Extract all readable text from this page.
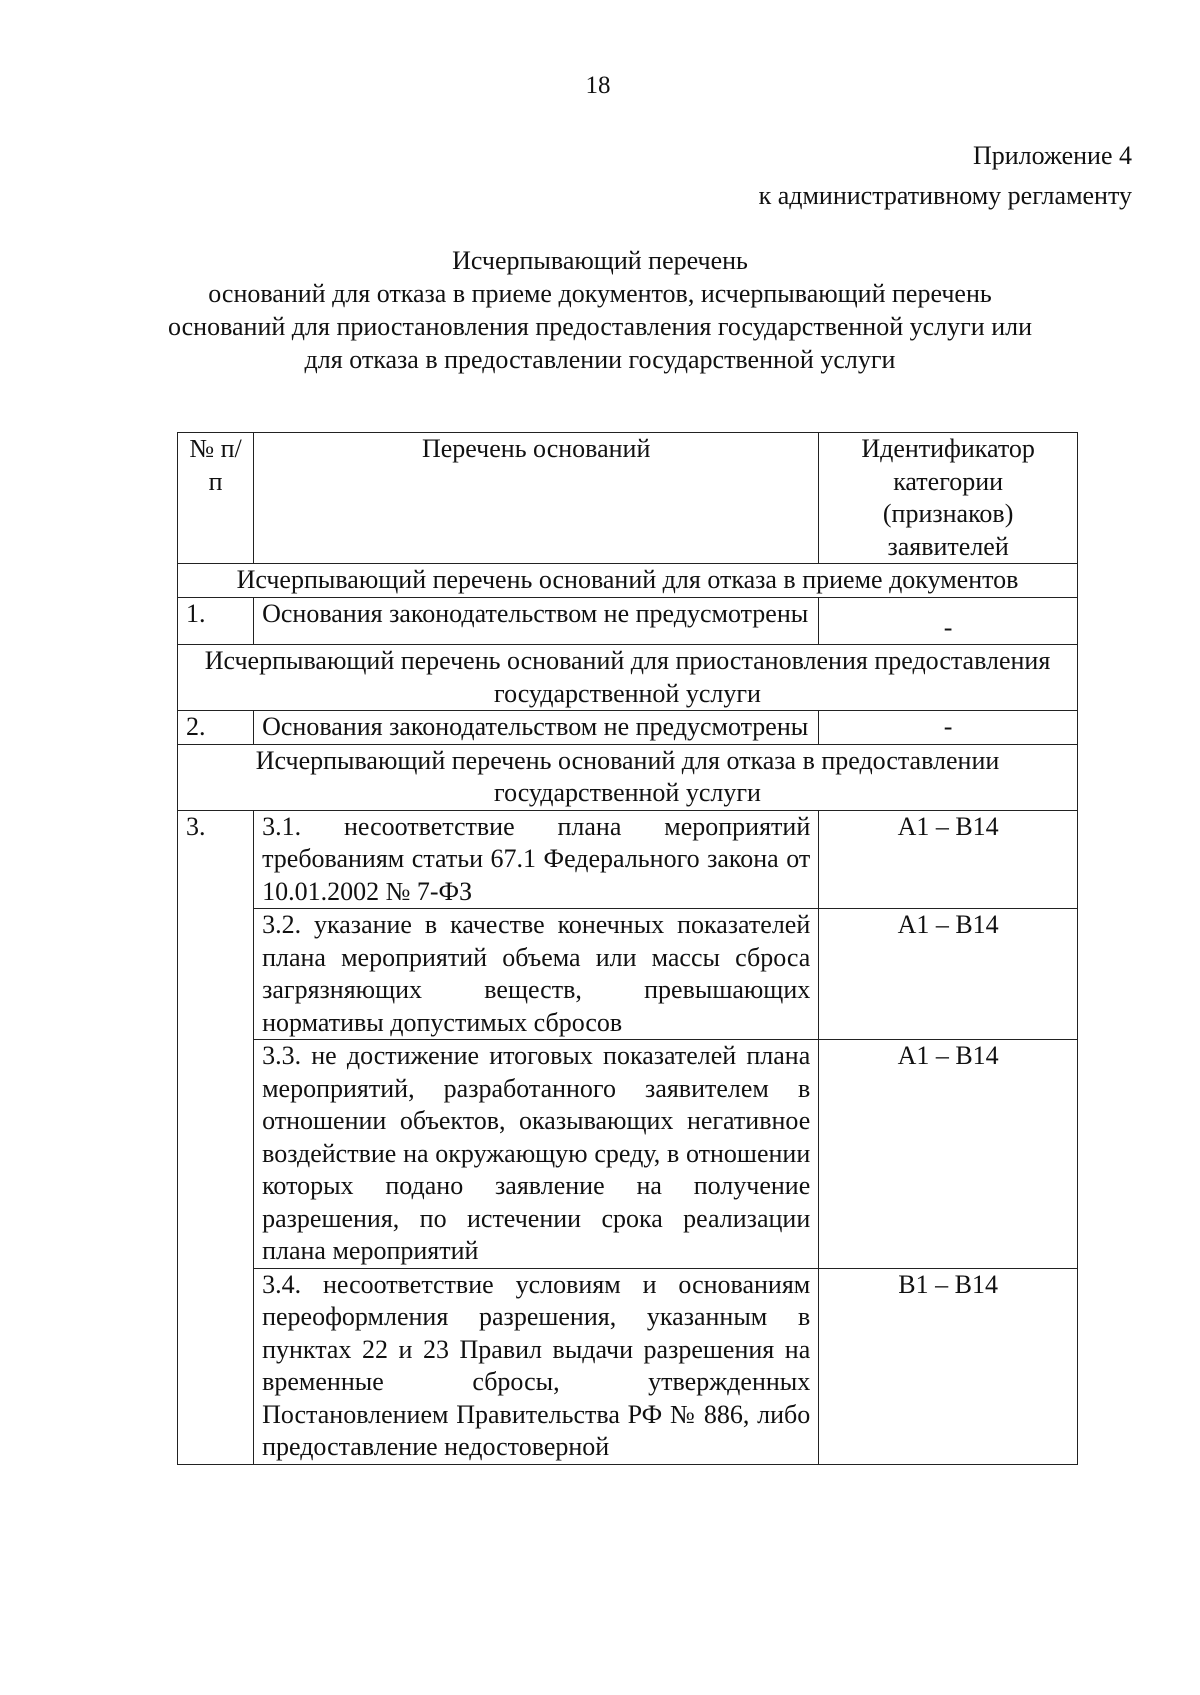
18
Приложение 4
к административному регламенту
Исчерпывающий перечень
оснований для отказа в приеме документов, исчерпывающий перечень
оснований для приостановления предоставления государственной услуги или
для отказа в предоставлении государственной услуги
№ п/п	Перечень оснований	Идентификатор категории (признаков) заявителей
Исчерпывающий перечень оснований для отказа в приеме документов		
1.	Основания законодательством не предусмотрены	-
Исчерпывающий перечень оснований для приостановления предоставления государственной услуги		
2.	Основания законодательством не предусмотрены	-
Исчерпывающий перечень оснований для отказа в предоставлении государственной услуги		
3.	3.1. несоответствие плана мероприятий требованиям статьи 67.1 Федерального закона от 10.01.2002 № 7-ФЗ	А1 – В14
	3.2. указание в качестве конечных показателей плана мероприятий объема или массы сброса загрязняющих веществ, превышающих нормативы допустимых сбросов	А1 – В14
	3.3. не достижение итоговых показателей плана мероприятий, разработанного заявителем в отношении объектов, оказывающих негативное воздействие на окружающую среду, в отношении которых подано заявление на получение разрешения, по истечении срока реализации плана мероприятий	А1 – В14
	3.4. несоответствие условиям и основаниям переоформления разрешения, указанным в пунктах 22 и 23 Правил выдачи разрешения на временные сбросы, утвержденных Постановлением Правительства РФ № 886, либо предоставление недостоверной	В1 – В14
